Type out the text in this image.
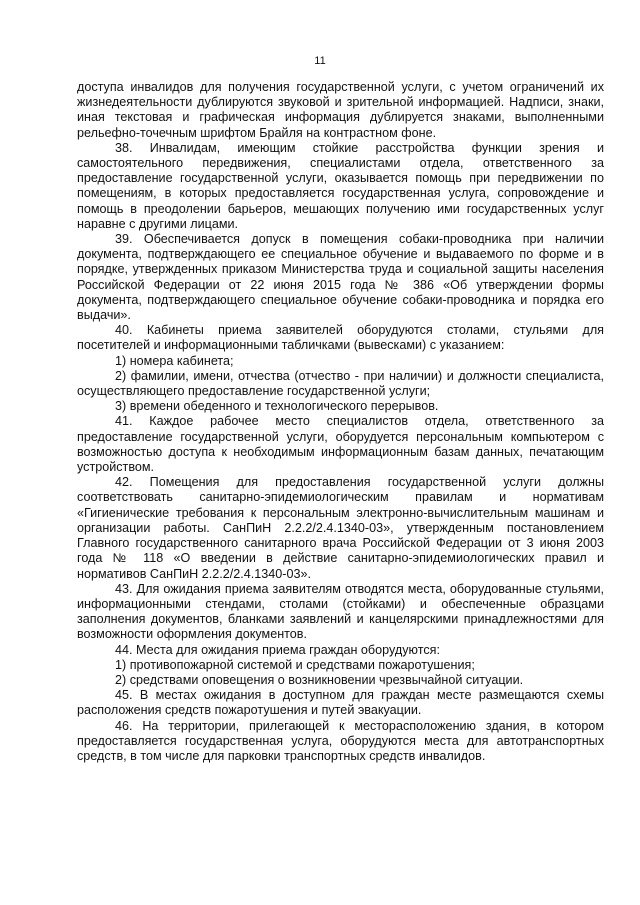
11

доступа инвалидов для получения государственной услуги, с учетом ограничений их жизнедеятельности дублируются звуковой и зрительной информацией. Надписи, знаки, иная текстовая и графическая информация дублируется знаками, выполненными рельефно-точечным шрифтом Брайля на контрастном фоне.

38. Инвалидам, имеющим стойкие расстройства функции зрения и самостоятельного передвижения, специалистами отдела, ответственного за предоставление государственной услуги, оказывается помощь при передвижении по помещениям, в которых предоставляется государственная услуга, сопровождение и помощь в преодолении барьеров, мешающих получению ими государственных услуг наравне с другими лицами.

39. Обеспечивается допуск в помещения собаки-проводника при наличии документа, подтверждающего ее специальное обучение и выдаваемого по форме и в порядке, утвержденных приказом Министерства труда и социальной защиты населения Российской Федерации от 22 июня 2015 года № 386 «Об утверждении формы документа, подтверждающего специальное обучение собаки-проводника и порядка его выдачи».

40. Кабинеты приема заявителей оборудуются столами, стульями для посетителей и информационными табличками (вывесками) с указанием:

1) номера кабинета;

2) фамилии, имени, отчества (отчество - при наличии) и должности специалиста, осуществляющего предоставление государственной услуги;

3) времени обеденного и технологического перерывов.

41. Каждое рабочее место специалистов отдела, ответственного за предоставление государственной услуги, оборудуется персональным компьютером с возможностью доступа к необходимым информационным базам данных, печатающим устройством.

42. Помещения для предоставления государственной услуги должны соответствовать санитарно-эпидемиологическим правилам и нормативам «Гигиенические требования к персональным электронно-вычислительным машинам и организации работы. СанПиН 2.2.2/2.4.1340-03», утвержденным постановлением Главного государственного санитарного врача Российской Федерации от 3 июня 2003 года № 118 «О введении в действие санитарно-эпидемиологических правил и нормативов СанПиН 2.2.2/2.4.1340-03».

43. Для ожидания приема заявителям отводятся места, оборудованные стульями, информационными стендами, столами (стойками) и обеспеченные образцами заполнения документов, бланками заявлений и канцелярскими принадлежностями для возможности оформления документов.

44. Места для ожидания приема граждан оборудуются:

1) противопожарной системой и средствами пожаротушения;

2) средствами оповещения о возникновении чрезвычайной ситуации.

45. В местах ожидания в доступном для граждан месте размещаются схемы расположения средств пожаротушения и путей эвакуации.

46. На территории, прилегающей к месторасположению здания, в котором предоставляется государственная услуга, оборудуются места для автотранспортных средств, в том числе для парковки транспортных средств инвалидов.
